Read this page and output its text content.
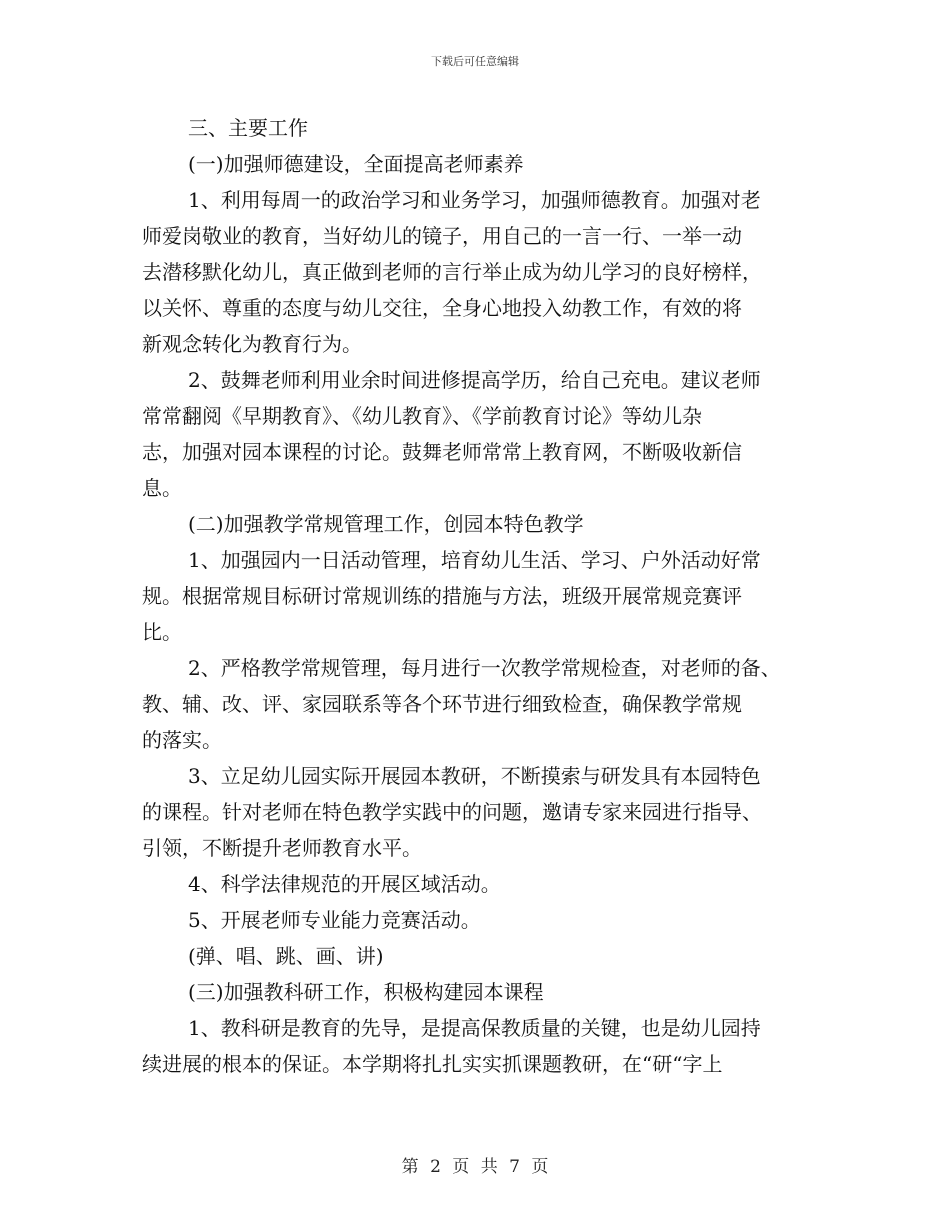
下载后可任意编辑
三、主要工作
(一)加强师德建设，全面提高老师素养
1、利用每周一的政治学习和业务学习，加强师德教育。加强对老
师爱岗敬业的教育，当好幼儿的镜子，用自己的一言一行、一举一动
去潜移默化幼儿，真正做到老师的言行举止成为幼儿学习的良好榜样，
以关怀、尊重的态度与幼儿交往，全身心地投入幼教工作，有效的将
新观念转化为教育行为。
2、鼓舞老师利用业余时间进修提高学历，给自己充电。建议老师
常常翻阅《早期教育》、《幼儿教育》、《学前教育讨论》等幼儿杂
志，加强对园本课程的讨论。鼓舞老师常常上教育网，不断吸收新信
息。
(二)加强教学常规管理工作，创园本特色教学
1、加强园内一日活动管理，培育幼儿生活、学习、户外活动好常
规。根据常规目标研讨常规训练的措施与方法，班级开展常规竞赛评
比。
2、严格教学常规管理，每月进行一次教学常规检查，对老师的备、
教、辅、改、评、家园联系等各个环节进行细致检查，确保教学常规
的落实。
3、立足幼儿园实际开展园本教研，不断摸索与研发具有本园特色
的课程。针对老师在特色教学实践中的问题，邀请专家来园进行指导、
引领，不断提升老师教育水平。
4、科学法律规范的开展区域活动。
5、开展老师专业能力竞赛活动。
(弹、唱、跳、画、讲)
(三)加强教科研工作，积极构建园本课程
1、教科研是教育的先导，是提高保教质量的关键，也是幼儿园持
续进展的根本的保证。本学期将扎扎实实抓课题教研，在“研“字上
第 2 页 共 7 页
